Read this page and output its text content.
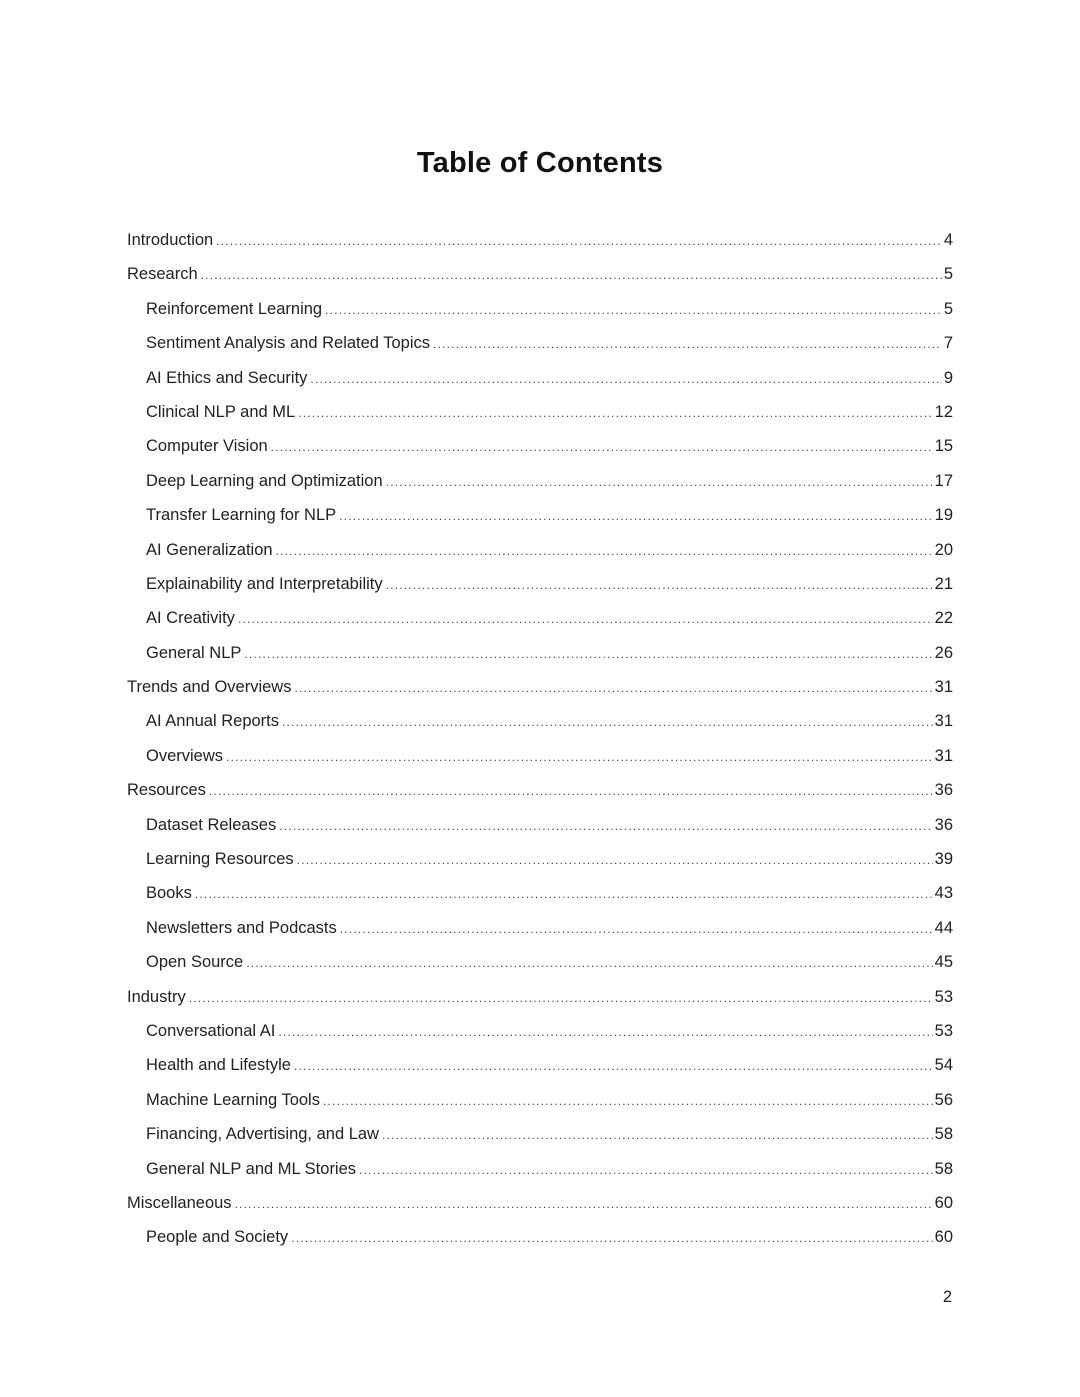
Table of Contents
Introduction .....	4
Research .....	5
Reinforcement Learning .....	5
Sentiment Analysis and Related Topics .....	7
AI Ethics and Security .....	9
Clinical NLP and ML .....	12
Computer Vision .....	15
Deep Learning and Optimization .....	17
Transfer Learning for NLP .....	19
AI Generalization .....	20
Explainability and Interpretability .....	21
AI Creativity .....	22
General NLP .....	26
Trends and Overviews .....	31
AI Annual Reports .....	31
Overviews .....	31
Resources .....	36
Dataset Releases .....	36
Learning Resources .....	39
Books .....	43
Newsletters and Podcasts .....	44
Open Source .....	45
Industry .....	53
Conversational AI .....	53
Health and Lifestyle .....	54
Machine Learning Tools .....	56
Financing, Advertising, and Law .....	58
General NLP and ML Stories .....	58
Miscellaneous .....	60
People and Society .....	60
2
